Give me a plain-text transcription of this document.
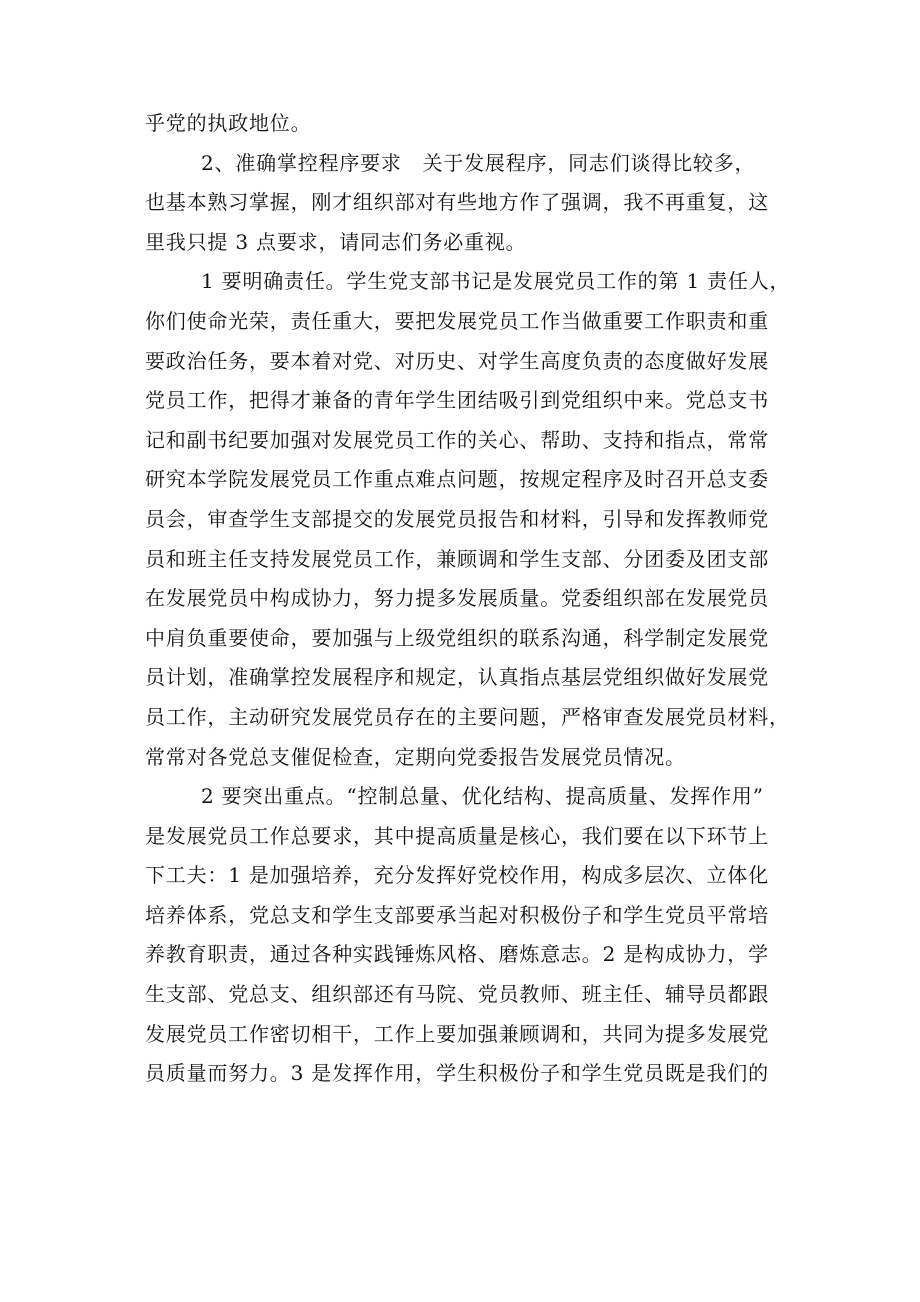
乎党的执政地位。

2、准确掌控程序要求　关于发展程序，同志们谈得比较多，
也基本熟习掌握，刚才组织部对有些地方作了强调，我不再重复，这
里我只提 3 点要求，请同志们务必重视。

1 要明确责任。学生党支部书记是发展党员工作的第 1 责任人，
你们使命光荣，责任重大，要把发展党员工作当做重要工作职责和重
要政治任务，要本着对党、对历史、对学生高度负责的态度做好发展
党员工作，把得才兼备的青年学生团结吸引到党组织中来。党总支书
记和副书纪要加强对发展党员工作的关心、帮助、支持和指点，常常
研究本学院发展党员工作重点难点问题，按规定程序及时召开总支委
员会，审查学生支部提交的发展党员报告和材料，引导和发挥教师党
员和班主任支持发展党员工作，兼顾调和学生支部、分团委及团支部
在发展党员中构成协力，努力提多发展质量。党委组织部在发展党员
中肩负重要使命，要加强与上级党组织的联系沟通，科学制定发展党
员计划，准确掌控发展程序和规定，认真指点基层党组织做好发展党
员工作，主动研究发展党员存在的主要问题，严格审查发展党员材料，
常常对各党总支催促检查，定期向党委报告发展党员情况。

2 要突出重点。“控制总量、优化结构、提高质量、发挥作用”
是发展党员工作总要求，其中提高质量是核心，我们要在以下环节上
下工夫：1 是加强培养，充分发挥好党校作用，构成多层次、立体化
培养体系，党总支和学生支部要承当起对积极份子和学生党员平常培
养教育职责，通过各种实践锤炼风格、磨炼意志。2 是构成协力，学
生支部、党总支、组织部还有马院、党员教师、班主任、辅导员都跟
发展党员工作密切相干，工作上要加强兼顾调和，共同为提多发展党
员质量而努力。3 是发挥作用，学生积极份子和学生党员既是我们的
